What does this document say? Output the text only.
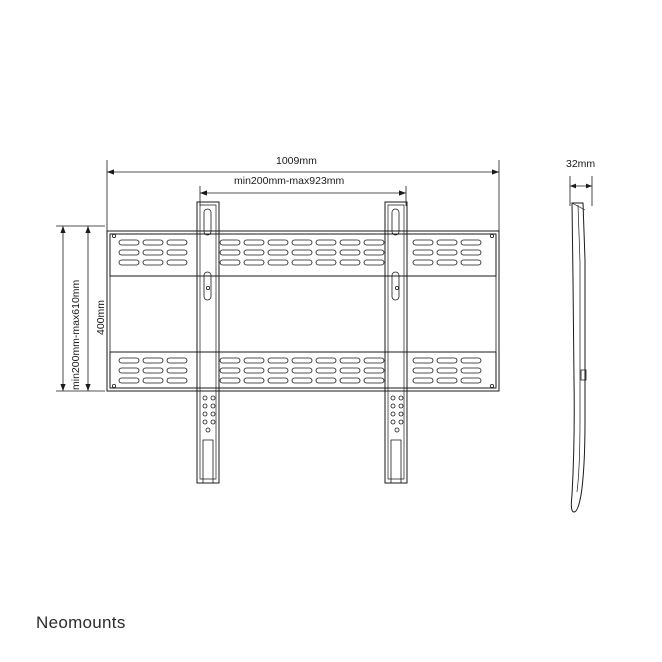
1009mm
min200mm-max923mm
min200mm-max610mm 400mm
32mm
Neomounts
